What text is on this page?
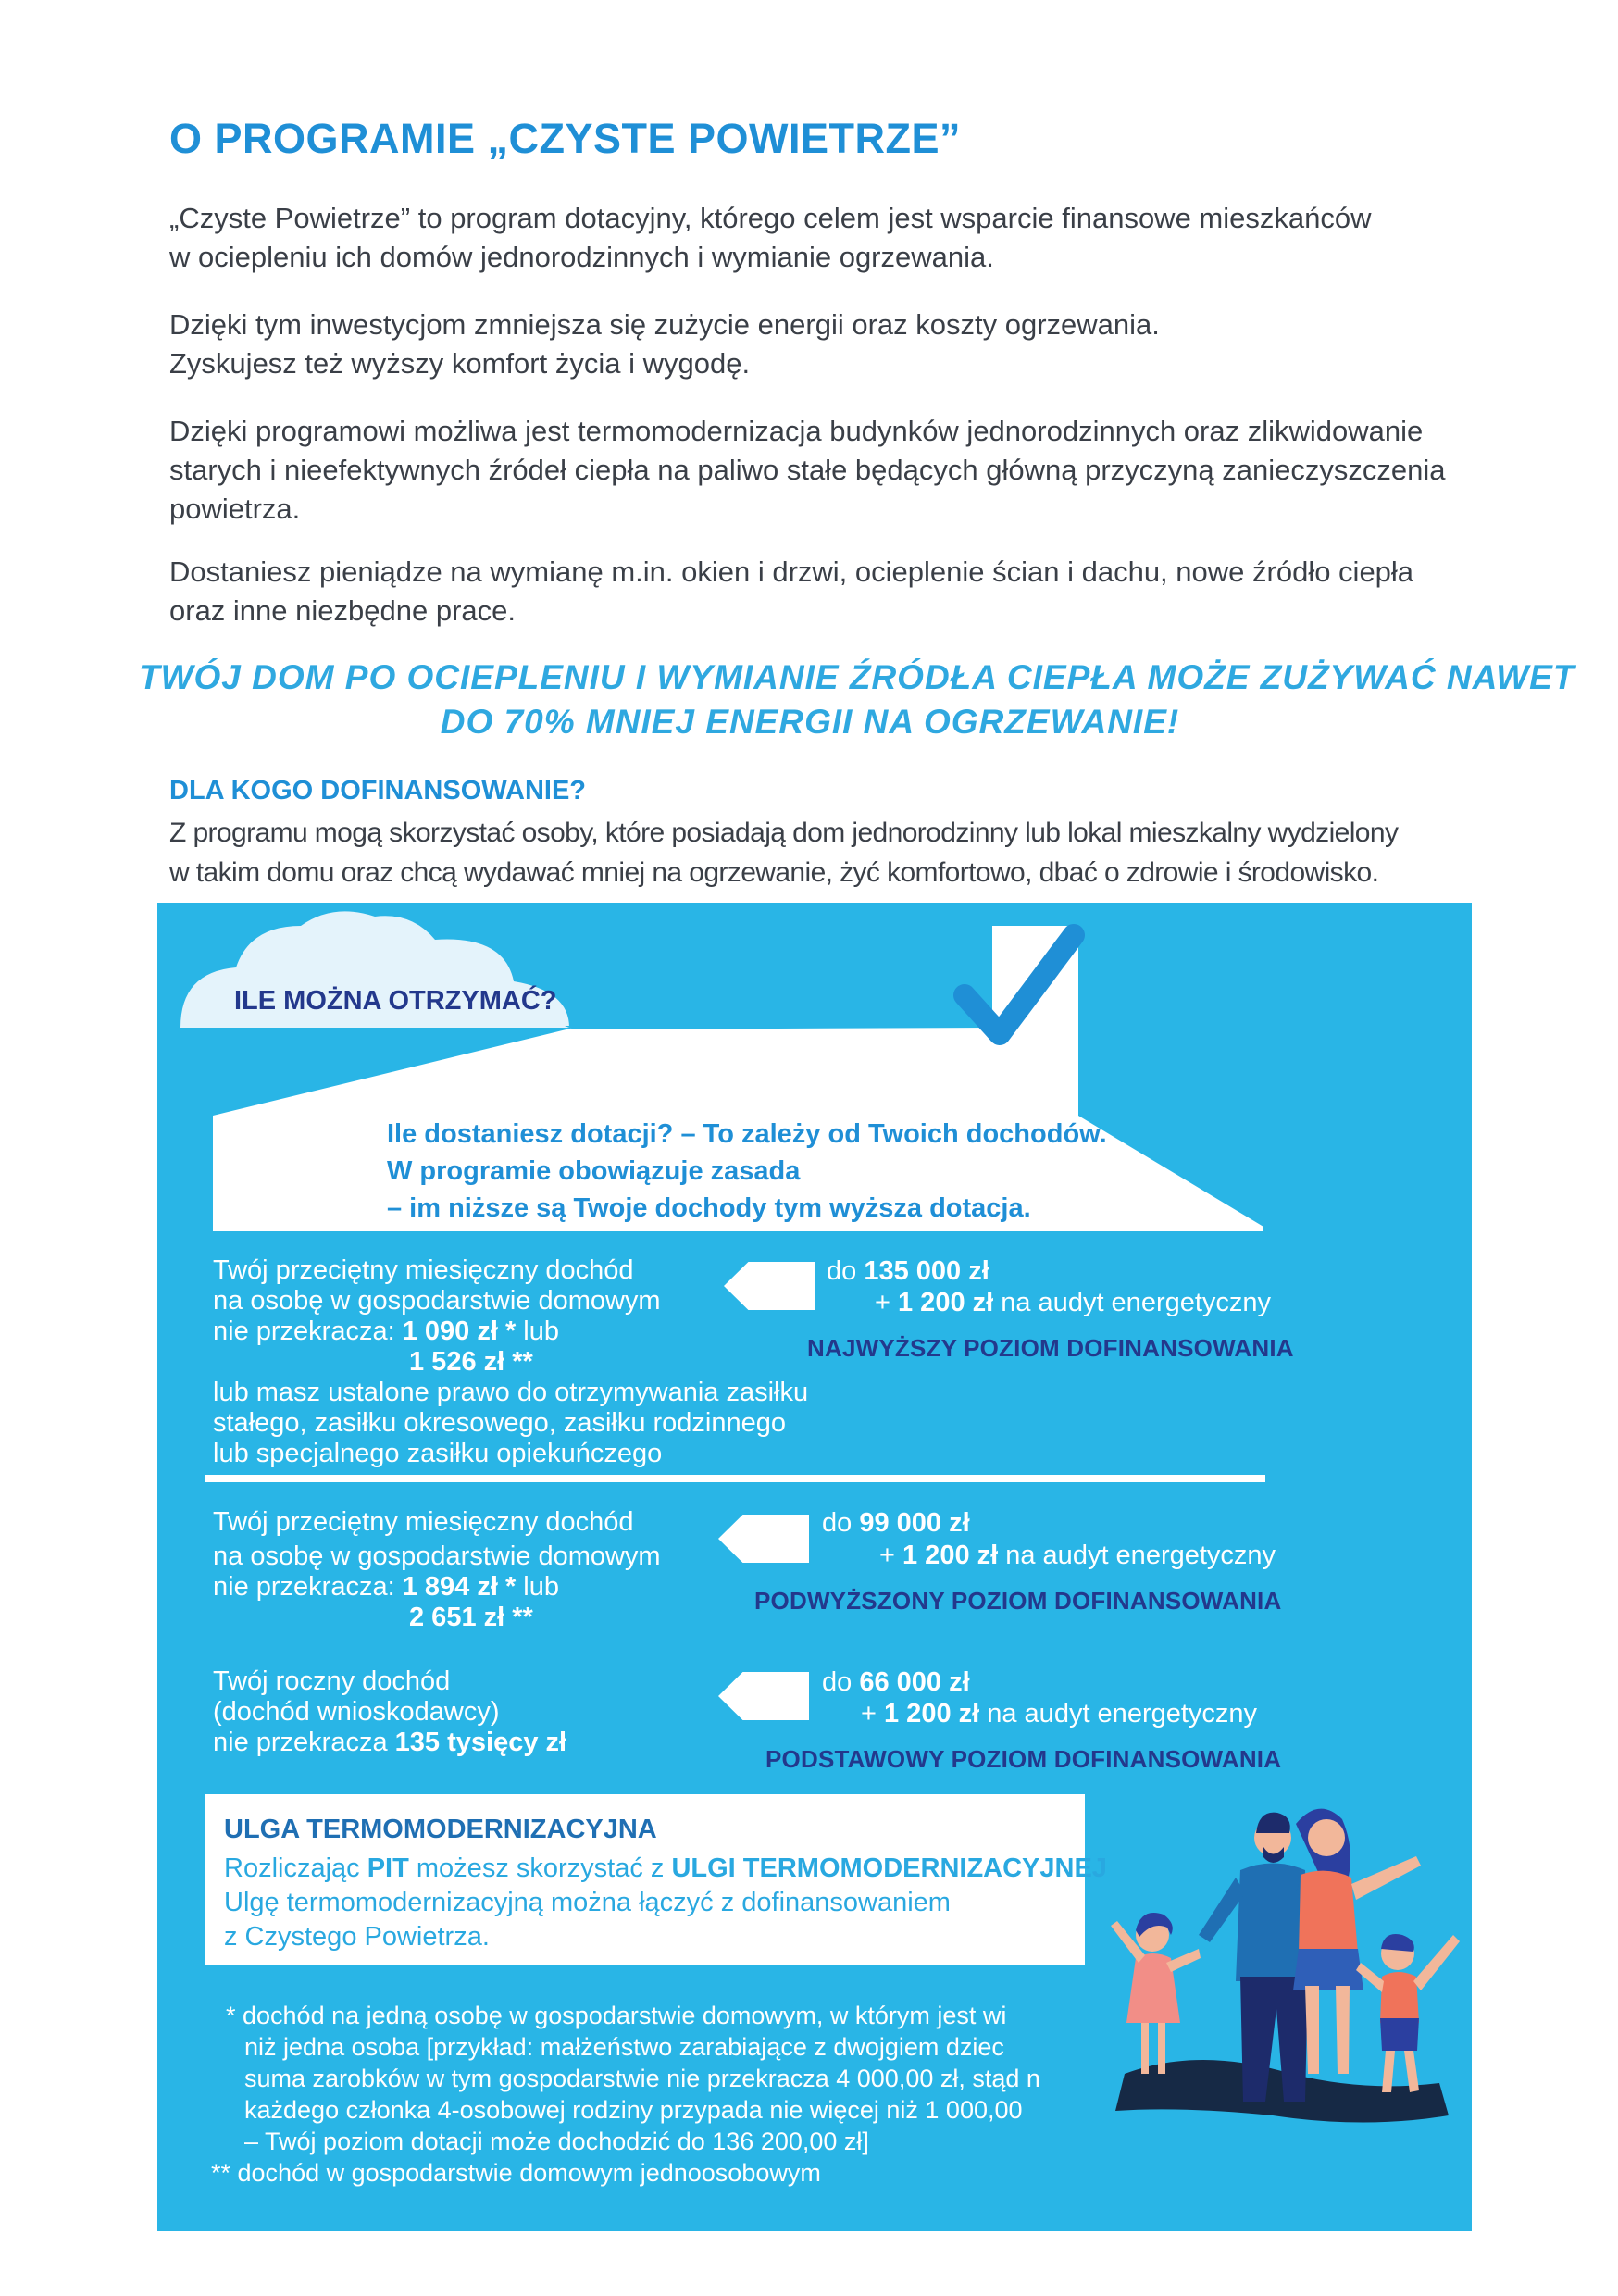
O PROGRAMIE „CZYSTE POWIETRZE”
„Czyste Powietrze” to program dotacyjny, którego celem jest wsparcie finansowe mieszkańców
w ociepleniu ich domów jednorodzinnych i wymianie ogrzewania.
Dzięki tym inwestycjom zmniejsza się zużycie energii oraz koszty ogrzewania.
Zyskujesz też wyższy komfort życia i wygodę.
Dzięki programowi możliwa jest termomodernizacja budynków jednorodzinnych oraz zlikwidowanie
starych i nieefektywnych źródeł ciepła na paliwo stałe będących główną przyczyną zanieczyszczenia
powietrza.
Dostaniesz pieniądze na wymianę m.in. okien i drzwi, ocieplenie ścian i dachu, nowe źródło ciepła
oraz inne niezbędne prace.
TWÓJ DOM PO OCIEPLENIU I WYMIANIE ŹRÓDŁA CIEPŁA MOŻE ZUŻYWAĆ NAWET
DO 70% MNIEJ ENERGII NA OGRZEWANIE!
DLA KOGO DOFINANSOWANIE?
Z programu mogą skorzystać osoby, które posiadają dom jednorodzinny lub lokal mieszkalny wydzielony
w takim domu oraz chcą wydawać mniej na ogrzewanie, żyć komfortowo, dbać o zdrowie i środowisko.
ILE MOŻNA OTRZYMAĆ?
Ile dostaniesz dotacji? – To zależy od Twoich dochodów.
W programie obowiązuje zasada
– im niższe są Twoje dochody tym wyższa dotacja.
Twój przeciętny miesięczny dochód
na osobę w gospodarstwie domowym
nie przekracza: 1 090 zł * lub
1 526 zł **
lub masz ustalone prawo do otrzymywania zasiłku
stałego, zasiłku okresowego, zasiłku rodzinnego
lub specjalnego zasiłku opiekuńczego
do 135 000 zł
+ 1 200 zł na audyt energetyczny
NAJWYŻSZY POZIOM DOFINANSOWANIA
Twój przeciętny miesięczny dochód
na osobę w gospodarstwie domowym
nie przekracza: 1 894 zł * lub
2 651 zł **
do 99 000 zł
+ 1 200 zł na audyt energetyczny
PODWYŻSZONY POZIOM DOFINANSOWANIA
Twój roczny dochód
(dochód wnioskodawcy)
nie przekracza 135 tysięcy zł
do 66 000 zł
+ 1 200 zł na audyt energetyczny
PODSTAWOWY POZIOM DOFINANSOWANIA
ULGA TERMOMODERNIZACYJNA
Rozliczając PIT możesz skorzystać z ULGI TERMOMODERNIZACYJNEJ
Ulgę termomodernizacyjną można łączyć z dofinansowaniem
z Czystego Powietrza.
* dochód na jedną osobę w gospodarstwie domowym, w którym jest wi
niż jedna osoba [przykład: małżeństwo zarabiające z dwojgiem dziec
suma zarobków w tym gospodarstwie nie przekracza 4 000,00 zł, stąd n
każdego członka 4-osobowej rodziny przypada nie więcej niż 1 000,00
– Twój poziom dotacji może dochodzić do 136 200,00 zł]
** dochód w gospodarstwie domowym jednoosobowym
